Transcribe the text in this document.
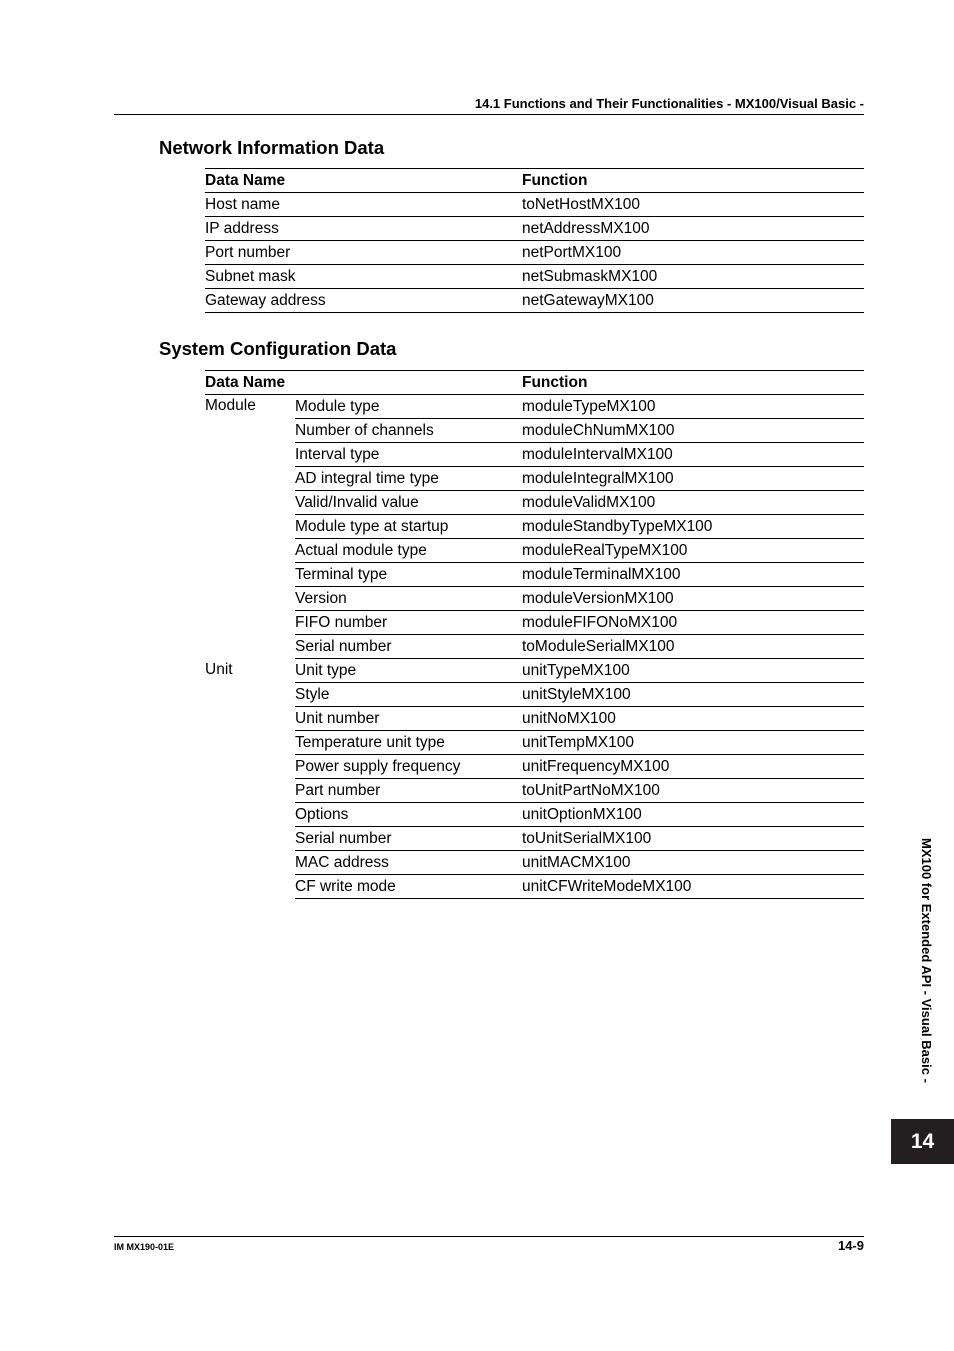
14.1 Functions and Their Functionalities - MX100/Visual Basic -
Network Information Data
Data Name	Function
Host name	toNetHostMX100
IP address	netAddressMX100
Port number	netPortMX100
Subnet mask	netSubmaskMX100
Gateway address	netGatewayMX100
System Configuration Data
Data Name		Function
Module	Module type	moduleTypeMX100
	Number of channels	moduleChNumMX100
	Interval type	moduleIntervalMX100
	AD integral time type	moduleIntegralMX100
	Valid/Invalid value	moduleValidMX100
	Module type at startup	moduleStandbyTypeMX100
	Actual module type	moduleRealTypeMX100
	Terminal type	moduleTerminalMX100
	Version	moduleVersionMX100
	FIFO number	moduleFIFONoMX100
	Serial number	toModuleSerialMX100
Unit	Unit type	unitTypeMX100
	Style	unitStyleMX100
	Unit number	unitNoMX100
	Temperature unit type	unitTempMX100
	Power supply frequency	unitFrequencyMX100
	Part number	toUnitPartNoMX100
	Options	unitOptionMX100
	Serial number	toUnitSerialMX100
	MAC address	unitMACMX100
	CF write mode	unitCFWriteModeMX100	MX100 for Extended API - Visual Basic -
14
IM MX190-01E	14-9
